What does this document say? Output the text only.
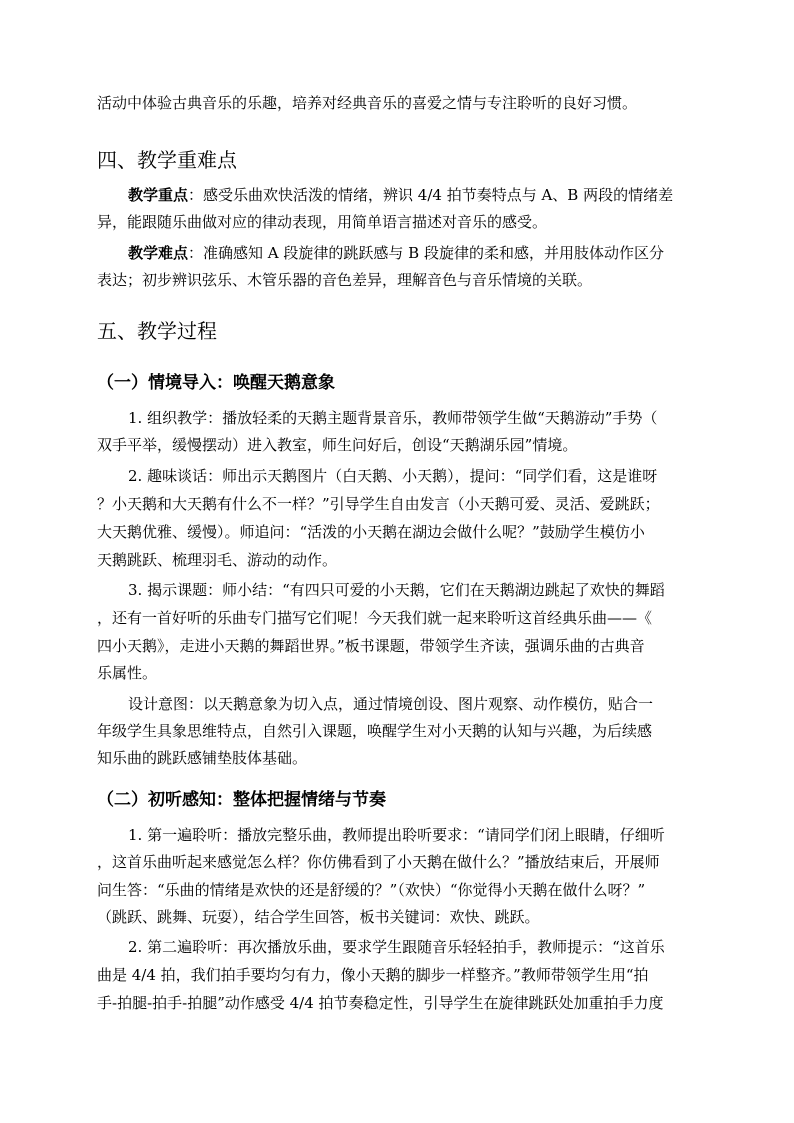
活动中体验古典音乐的乐趣，培养对经典音乐的喜爱之情与专注聆听的良好习惯。
四、教学重难点
教学重点：感受乐曲欢快活泼的情绪，辨识 4/4 拍节奏特点与 A、B 两段的情绪差
异，能跟随乐曲做对应的律动表现，用简单语言描述对音乐的感受。
教学难点：准确感知 A 段旋律的跳跃感与 B 段旋律的柔和感，并用肢体动作区分
表达；初步辨识弦乐、木管乐器的音色差异，理解音色与音乐情境的关联。
五、教学过程
（一）情境导入：唤醒天鹅意象
1. 组织教学：播放轻柔的天鹅主题背景音乐，教师带领学生做“天鹅游动”手势（
双手平举，缓慢摆动）进入教室，师生问好后，创设“天鹅湖乐园”情境。
2. 趣味谈话：师出示天鹅图片（白天鹅、小天鹅），提问：“同学们看，这是谁呀
？小天鹅和大天鹅有什么不一样？”引导学生自由发言（小天鹅可爱、灵活、爱跳跃；
大天鹅优雅、缓慢）。师追问：“活泼的小天鹅在湖边会做什么呢？”鼓励学生模仿小
天鹅跳跃、梳理羽毛、游动的动作。
3. 揭示课题：师小结：“有四只可爱的小天鹅，它们在天鹅湖边跳起了欢快的舞蹈
，还有一首好听的乐曲专门描写它们呢！今天我们就一起来聆听这首经典乐曲——《
四小天鹅》，走进小天鹅的舞蹈世界。”板书课题，带领学生齐读，强调乐曲的古典音
乐属性。
设计意图：以天鹅意象为切入点，通过情境创设、图片观察、动作模仿，贴合一
年级学生具象思维特点，自然引入课题，唤醒学生对小天鹅的认知与兴趣，为后续感
知乐曲的跳跃感铺垫肢体基础。
（二）初听感知：整体把握情绪与节奏
1. 第一遍聆听：播放完整乐曲，教师提出聆听要求：“请同学们闭上眼睛，仔细听
，这首乐曲听起来感觉怎么样？你仿佛看到了小天鹅在做什么？”播放结束后，开展师
问生答：“乐曲的情绪是欢快的还是舒缓的？”（欢快）“你觉得小天鹅在做什么呀？”
（跳跃、跳舞、玩耍），结合学生回答，板书关键词：欢快、跳跃。
2. 第二遍聆听：再次播放乐曲，要求学生跟随音乐轻轻拍手，教师提示：“这首乐
曲是 4/4 拍，我们拍手要均匀有力，像小天鹅的脚步一样整齐。”教师带领学生用“拍
手-拍腿-拍手-拍腿”动作感受 4/4 拍节奏稳定性，引导学生在旋律跳跃处加重拍手力度
